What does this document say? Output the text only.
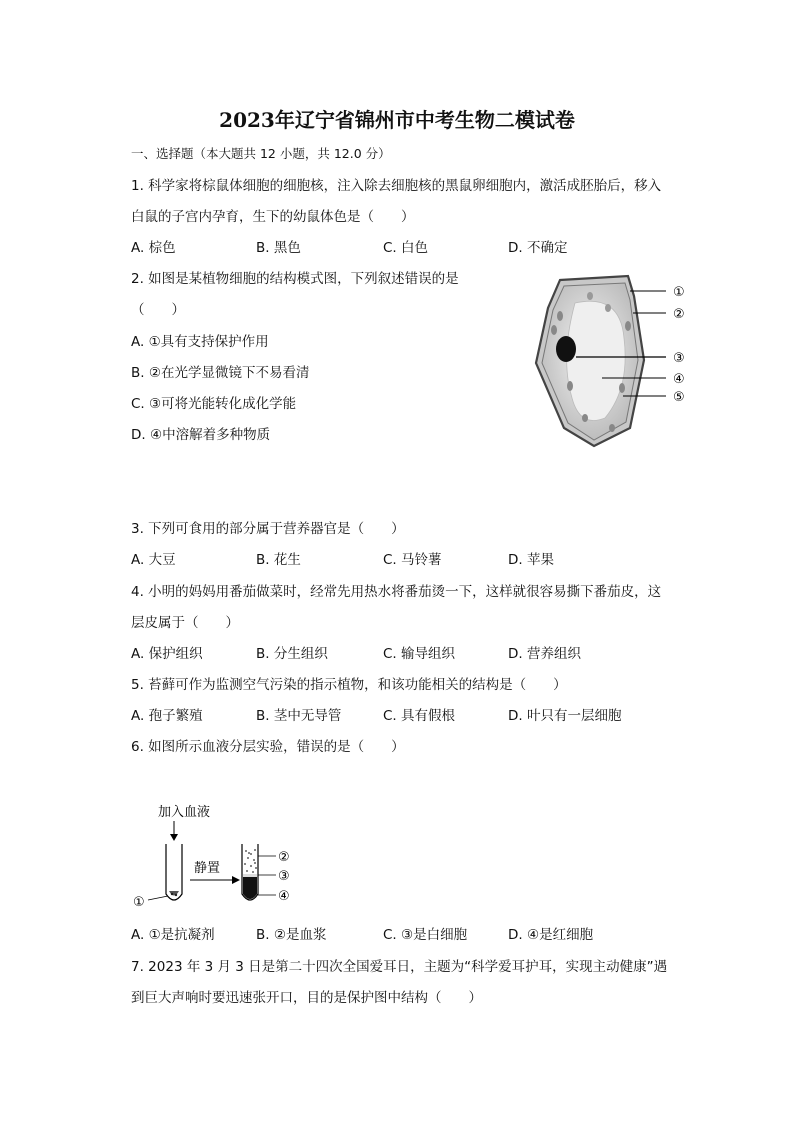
2023年辽宁省锦州市中考生物二模试卷
一、选择题（本大题共 12 小题，共 12.0 分）
1. 科学家将棕鼠体细胞的细胞核，注入除去细胞核的黑鼠卵细胞内，激活成胚胎后，移入
白鼠的子宫内孕育，生下的幼鼠体色是（　　）
A. 棕色	B. 黑色	C. 白色	D. 不确定
2. 如图是某植物细胞的结构模式图，下列叙述错误的是
（　　）
A. ①具有支持保护作用
B. ②在光学显微镜下不易看清
C. ③可将光能转化成化学能
D. ④中溶解着多种物质
①
②
③
④
⑤
3. 下列可食用的部分属于营养器官是（　　）
A. 大豆	B. 花生	C. 马铃薯	D. 苹果
4. 小明的妈妈用番茄做菜时，经常先用热水将番茄烫一下，这样就很容易撕下番茄皮，这
层皮属于（　　）
A. 保护组织	B. 分生组织	C. 输导组织	D. 营养组织
5. 苔藓可作为监测空气污染的指示植物，和该功能相关的结构是（　　）
A. 孢子繁殖	B. 茎中无导管	C. 具有假根	D. 叶只有一层细胞
6. 如图所示血液分层实验，错误的是（　　）
加入血液
①
静置
②
③
④
A. ①是抗凝剂	B. ②是血浆	C. ③是白细胞	D. ④是红细胞
7. 2023 年 3 月 3 日是第二十四次全国爱耳日，主题为“科学爱耳护耳，实现主动健康”遇
到巨大声响时要迅速张开口，目的是保护图中结构（　　）
